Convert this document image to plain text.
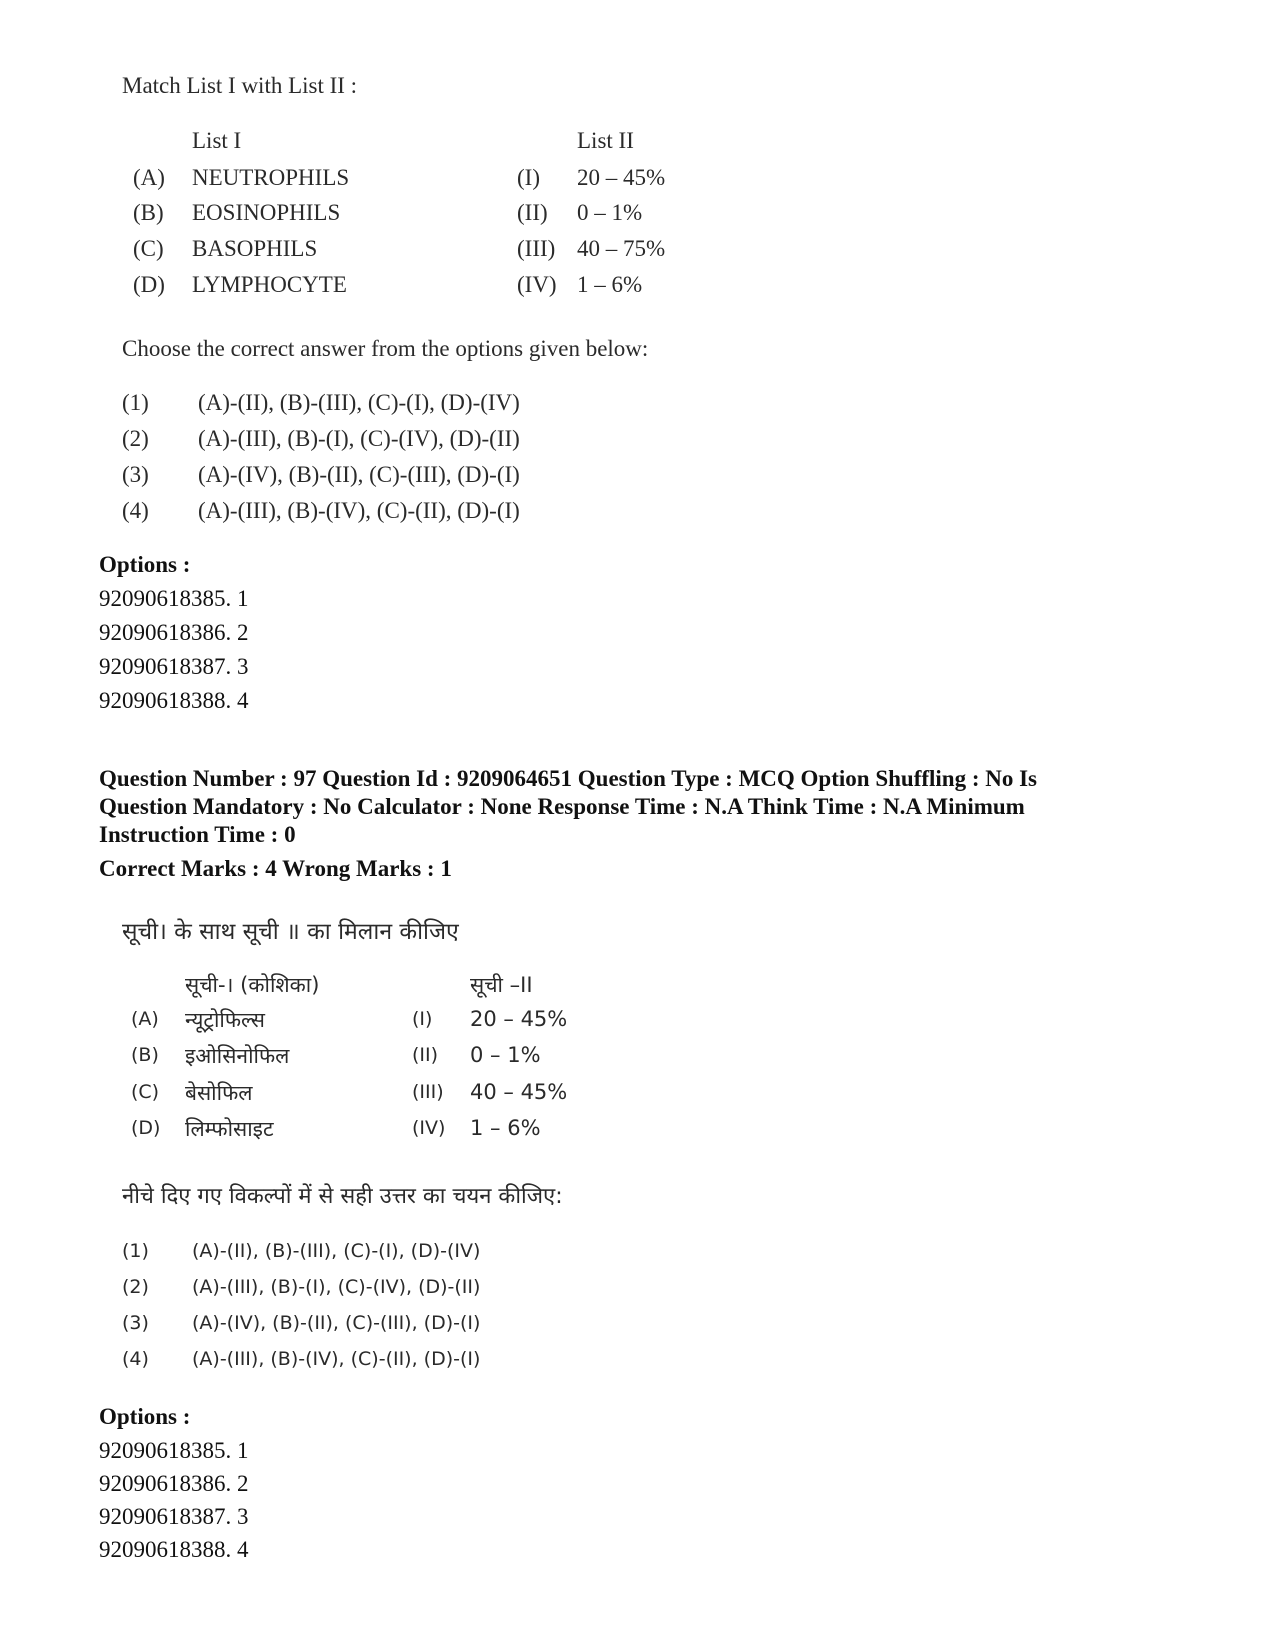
Match List I with List II :
List I	List II
(A) NEUTROPHILS	(I) 20 – 45%
(B) EOSINOPHILS	(II) 0 – 1%
(C) BASOPHILS	(III) 40 – 75%
(D) LYMPHOCYTE	(IV) 1 – 6%
Choose the correct answer from the options given below:
(1) (A)-(II), (B)-(III), (C)-(I), (D)-(IV)
(2) (A)-(III), (B)-(I), (C)-(IV), (D)-(II)
(3) (A)-(IV), (B)-(II), (C)-(III), (D)-(I)
(4) (A)-(III), (B)-(IV), (C)-(II), (D)-(I)
Options :
92090618385. 1
92090618386. 2
92090618387. 3
92090618388. 4
Question Number : 97 Question Id : 9209064651 Question Type : MCQ Option Shuffling : No Is
Question Mandatory : No Calculator : None Response Time : N.A Think Time : N.A Minimum
Instruction Time : 0
Correct Marks : 4 Wrong Marks : 1
सूची। के साथ सूची ॥ का मिलान कीजिए
सूची-। (कोशिका)	सूची –II
(A) न्यूट्रोफिल्स	(I) 20 – 45%
(B) इओसिनोफिल	(II) 0 – 1%
(C) बेसोफिल	(III) 40 – 45%
(D) लिम्फोसाइट	(IV) 1 – 6%
नीचे दिए गए विकल्पों में से सही उत्तर का चयन कीजिए:
(1) (A)-(II), (B)-(III), (C)-(I), (D)-(IV)
(2) (A)-(III), (B)-(I), (C)-(IV), (D)-(II)
(3) (A)-(IV), (B)-(II), (C)-(III), (D)-(I)
(4) (A)-(III), (B)-(IV), (C)-(II), (D)-(I)
Options :
92090618385. 1
92090618386. 2
92090618387. 3
92090618388. 4
